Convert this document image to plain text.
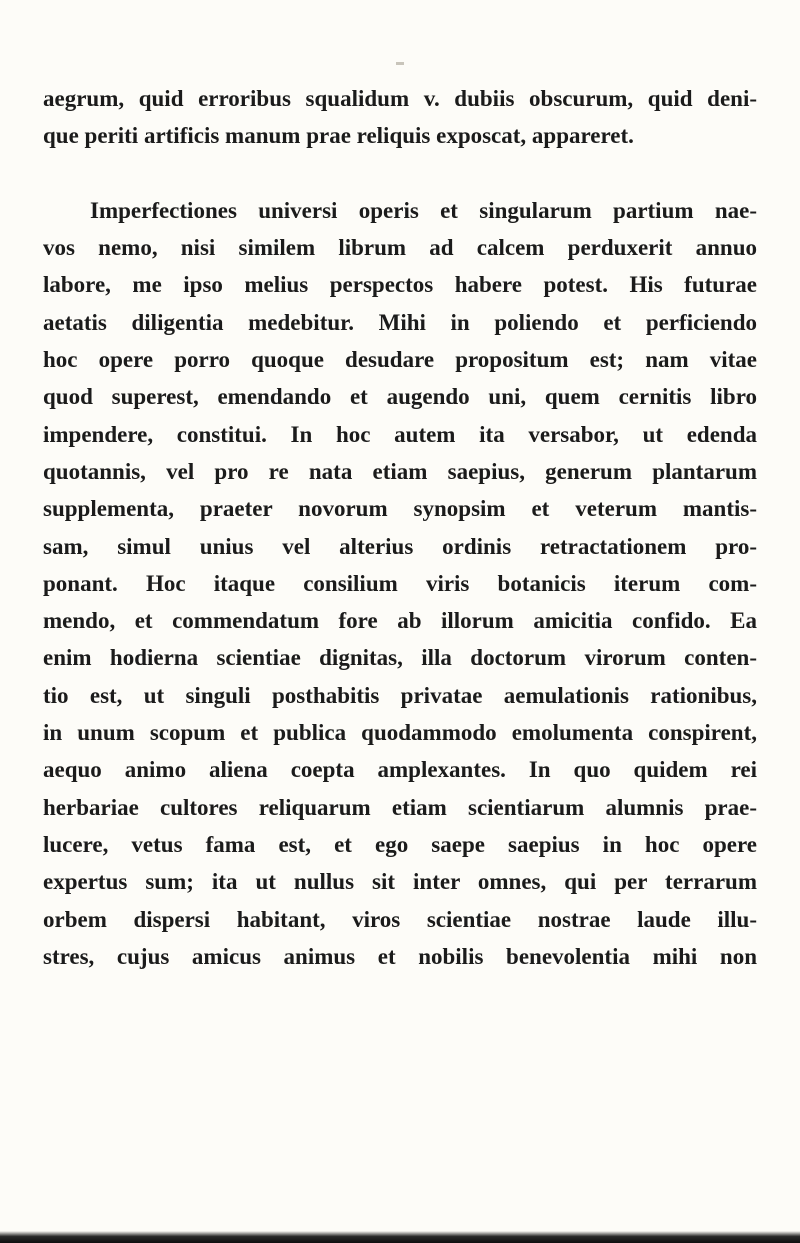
aegrum, quid erroribus squalidum v. dubiis obscurum, quid deni-
que periti artificis manum prae reliquis exposcat, appareret.
Imperfectiones universi operis et singularum partium nae-
vos nemo, nisi similem librum ad calcem perduxerit annuo
labore, me ipso melius perspectos habere potest. His futurae
aetatis diligentia medebitur. Mihi in poliendo et perficiendo
hoc opere porro quoque desudare propositum est; nam vitae
quod superest, emendando et augendo uni, quem cernitis libro
impendere, constitui. In hoc autem ita versabor, ut edenda
quotannis, vel pro re nata etiam saepius, generum plantarum
supplementa, praeter novorum synopsim et veterum mantis-
sam, simul unius vel alterius ordinis retractationem pro-
ponant. Hoc itaque consilium viris botanicis iterum com-
mendo, et commendatum fore ab illorum amicitia confido. Ea
enim hodierna scientiae dignitas, illa doctorum virorum conten-
tio est, ut singuli posthabitis privatae aemulationis rationibus,
in unum scopum et publica quodammodo emolumenta conspirent,
aequo animo aliena coepta amplexantes. In quo quidem rei
herbariae cultores reliquarum etiam scientiarum alumnis prae-
lucere, vetus fama est, et ego saepe saepius in hoc opere
expertus sum; ita ut nullus sit inter omnes, qui per terrarum
orbem dispersi habitant, viros scientiae nostrae laude illu-
stres, cujus amicus animus et nobilis benevolentia mihi non
